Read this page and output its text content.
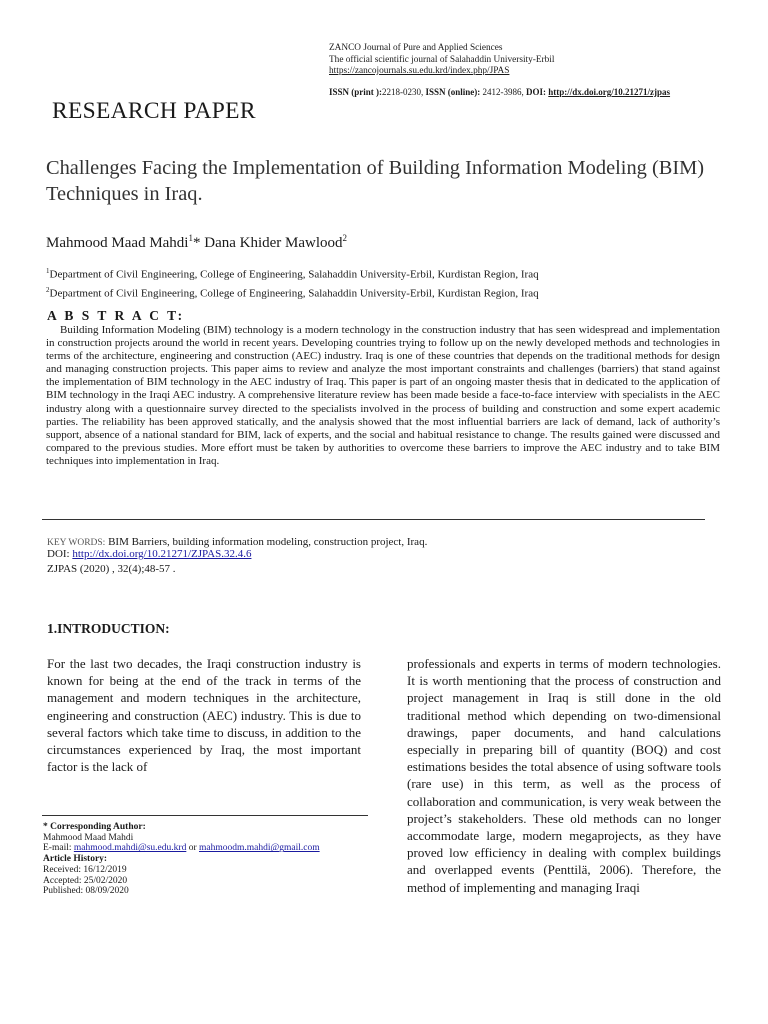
ZANCO Journal of Pure and Applied Sciences
The official scientific journal of Salahaddin University-Erbil
https://zancojournals.su.edu.krd/index.php/JPAS
ISSN (print ):2218-0230, ISSN (online): 2412-3986, DOI: http://dx.doi.org/10.21271/zjpas
RESEARCH PAPER
Challenges Facing the Implementation of Building Information Modeling (BIM) Techniques in Iraq.
Mahmood Maad Mahdi$^1$* Dana Khider Mawlood$^2$
$^1$Department of Civil Engineering, College of Engineering, Salahaddin University-Erbil, Kurdistan Region, Iraq
$^2$Department of Civil Engineering, College of Engineering, Salahaddin University-Erbil, Kurdistan Region, Iraq
A B S T R A C T:
Building Information Modeling (BIM) technology is a modern technology in the construction industry that has seen widespread and implementation in construction projects around the world in recent years. Developing countries trying to follow up on the newly developed methods and technologies in terms of the architecture, engineering and construction (AEC) industry. Iraq is one of these countries that depends on the traditional methods for design and managing construction projects. This paper aims to review and analyze the most important constraints and challenges (barriers) that stand against the implementation of BIM technology in the AEC industry of Iraq. This paper is part of an ongoing master thesis that in dedicated to the application of BIM technology in the Iraqi AEC industry. A comprehensive literature review has been made beside a face-to-face interview with specialists in the AEC industry along with a questionnaire survey directed to the specialists involved in the process of building and construction and some expert academic parties. The reliability has been approved statically, and the analysis showed that the most influential barriers are lack of demand, lack of authority’s support, absence of a national standard for BIM, lack of experts, and the social and habitual resistance to change. The results gained were discussed and compared to the previous studies. More effort must be taken by authorities to overcome these barriers to improve the AEC industry and to take BIM techniques into implementation in Iraq.
KEY WORDS: BIM Barriers, building information modeling, construction project, Iraq.
DOI: http://dx.doi.org/10.21271/ZJPAS.32.4.6
ZJPAS (2020) , 32(4);48-57 .
1.INTRODUCTION:
For the last two decades, the Iraqi construction industry is known for being at the end of the track in terms of the management and modern techniques in the architecture, engineering and construction (AEC) industry. This is due to several factors which take time to discuss, in addition to the circumstances experienced by Iraq, the most important factor is the lack of
professionals and experts in terms of modern technologies. It is worth mentioning that the process of construction and project management in Iraq is still done in the old traditional method which depending on two-dimensional drawings, paper documents, and hand calculations especially in preparing bill of quantity (BOQ) and cost estimations besides the total absence of using software tools (rare use) in this term, as well as the process of collaboration and communication, is very weak between the project’s stakeholders. These old methods can no longer accommodate large, modern megaprojects, as they have proved low efficiency in dealing with complex buildings and overlapped events (Penttilä, 2006). Therefore, the method of implementing and managing Iraqi
* Corresponding Author:
Mahmood Maad Mahdi
E-mail: mahmood.mahdi@su.edu.krd or mahmoodm.mahdi@gmail.com
Article History:
Received: 16/12/2019
Accepted: 25/02/2020
Published: 08/09/2020
